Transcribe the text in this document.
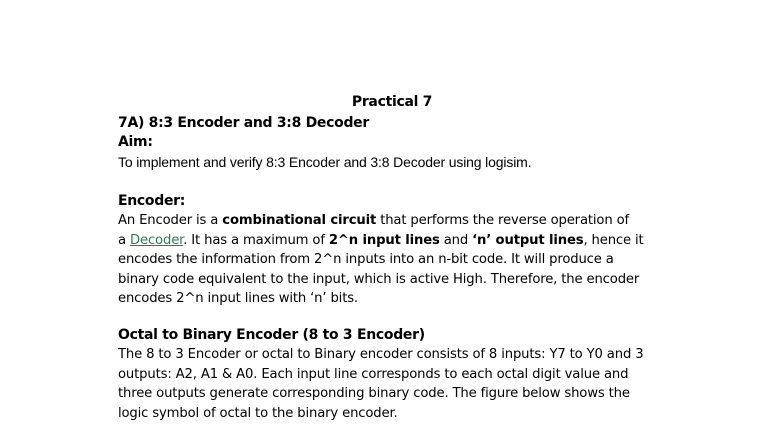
Practical 7
7A) 8:3 Encoder and 3:8 Decoder
Aim:
To implement and verify 8:3 Encoder and 3:8 Decoder using logisim.
Encoder:
An Encoder is a combinational circuit that performs the reverse operation of
a Decoder. It has a maximum of 2^n input lines and ‘n’ output lines, hence it
encodes the information from 2^n inputs into an n-bit code. It will produce a
binary code equivalent to the input, which is active High. Therefore, the encoder
encodes 2^n input lines with ‘n’ bits.
Octal to Binary Encoder (8 to 3 Encoder)
The 8 to 3 Encoder or octal to Binary encoder consists of 8 inputs: Y7 to Y0 and 3
outputs: A2, A1 & A0. Each input line corresponds to each octal digit value and
three outputs generate corresponding binary code. The figure below shows the
logic symbol of octal to the binary encoder.
